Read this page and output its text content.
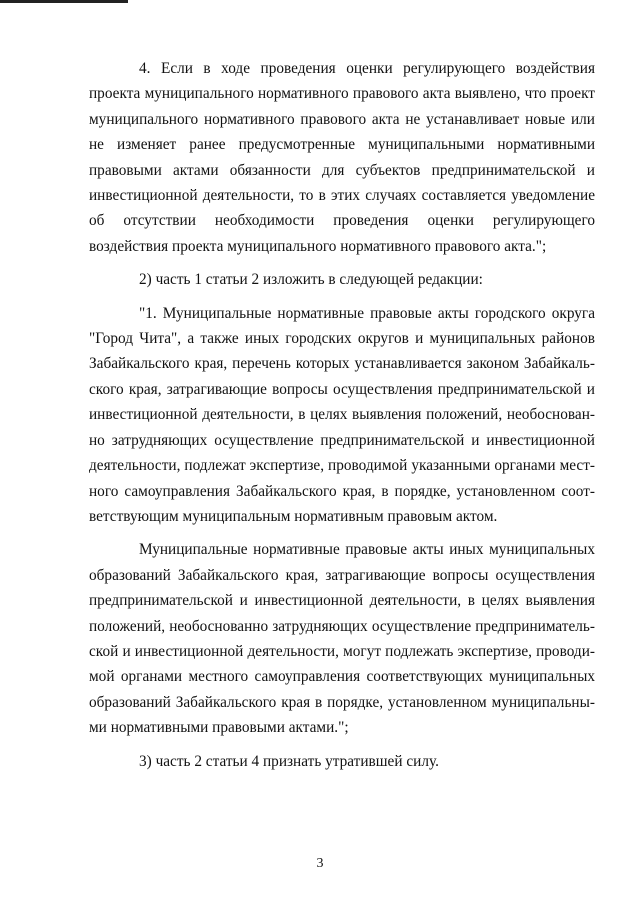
4. Если в ходе проведения оценки регулирующего воздействия проекта муниципального нормативного правового акта выявлено, что проект муниципального нормативного правового акта не устанавливает новые или не изменяет ранее предусмотренные муниципальными нормативными правовыми актами обязанности для субъектов предпринимательской и инвестиционной деятельности, то в этих случаях составляется уведомление об отсутствии необходимости проведения оценки регулирующего воздействия проекта муниципального нормативного правового акта.";

2) часть 1 статьи 2 изложить в следующей редакции:

"1. Муниципальные нормативные правовые акты городского округа "Город Чита", а также иных городских округов и муниципальных районов Забайкальского края, перечень которых устанавливается законом Забайкальского края, затрагивающие вопросы осуществления предпринимательской и инвестиционной деятельности, в целях выявления положений, необоснованно затрудняющих осуществление предпринимательской и инвестиционной деятельности, подлежат экспертизе, проводимой указанными органами местного самоуправления Забайкальского края, в порядке, установленном соответствующим муниципальным нормативным правовым актом.

Муниципальные нормативные правовые акты иных муниципальных образований Забайкальского края, затрагивающие вопросы осуществления предпринимательской и инвестиционной деятельности, в целях выявления положений, необоснованно затрудняющих осуществление предпринимательской и инвестиционной деятельности, могут подлежать экспертизе, проводимой органами местного самоуправления соответствующих муниципальных образований Забайкальского края в порядке, установленном муниципальными нормативными правовыми актами.";

3) часть 2 статьи 4 признать утратившей силу.

3
